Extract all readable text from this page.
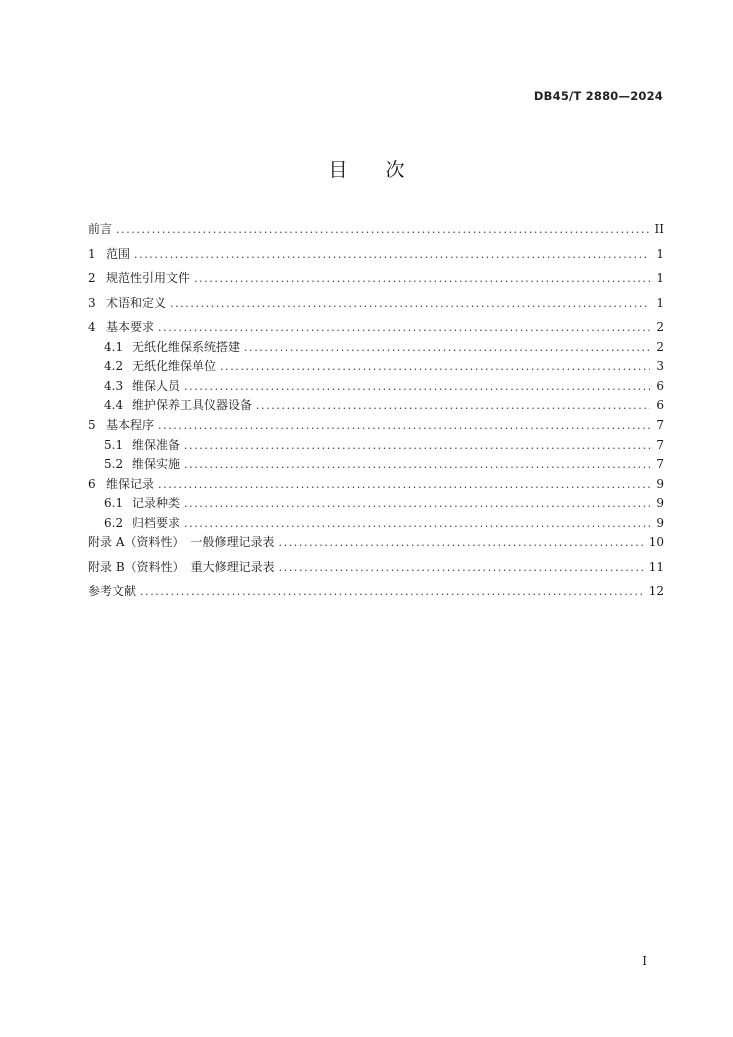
DB45/T 2880—2024
目　　次
前言 .....	II
1 范围 .....	1
2 规范性引用文件 .....	1
3 术语和定义 .....	1
4 基本要求 .....	2
4.1 无纸化维保系统搭建 .....	2
4.2 无纸化维保单位 .....	3
4.3 维保人员 .....	6
4.4 维护保养工具仪器设备 .....	6
5 基本程序 .....	7
5.1 维保准备 .....	7
5.2 维保实施 .....	7
6 维保记录 .....	9
6.1 记录种类 .....	9
6.2 归档要求 .....	9
附录 A（资料性）　一般修理记录表 .....	10
附录 B（资料性）　重大修理记录表 .....	11
参考文献 .....	12
I
